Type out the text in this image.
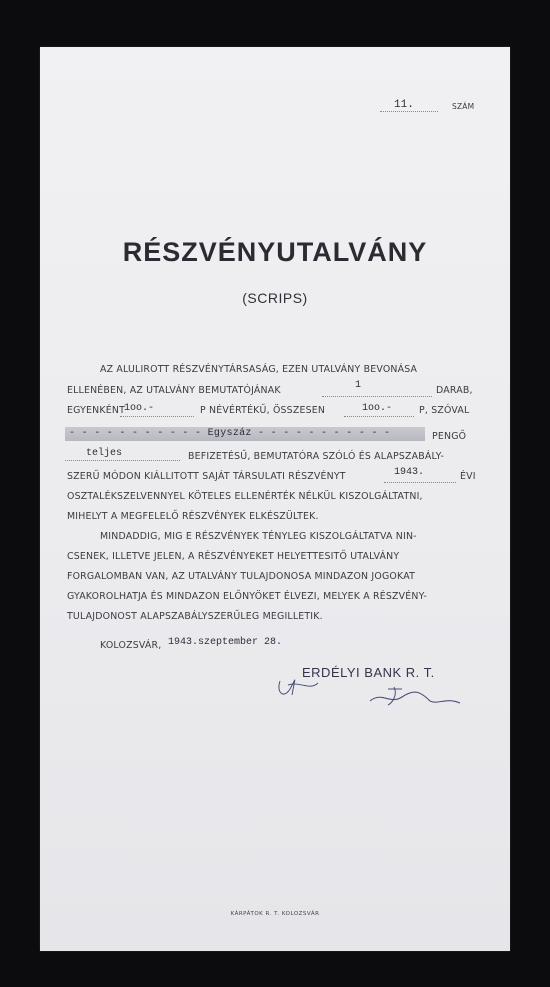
11.	SZÁM
RÉSZVÉNYUTALVÁNY
(SCRIPS)
AZ ALULIROTT RÉSZVÉNYTÁRSASÁG, EZEN UTALVÁNY BEVONÁSA
ELLENÉBEN, AZ UTALVÁNY BEMUTATÓJÁNAK	1	DARAB,
EGYENKÉNT 1oo.-	P NÉVÉRTÉKŰ, ÖSSZESEN	1oo.-	P, SZÓVAL
- - - - - - - - - - - Egyszáz - - - - - - - - - - -	PENGŐ
teljes	BEFIZETÉSŰ, BEMUTATÓRA SZÓLÓ ÉS ALAPSZABÁLY-
SZERŰ MÓDON KIÁLLITOTT SAJÁT TÁRSULATI RÉSZVÉNYT	1943.	ÉVI
OSZTALÉKSZELVENNYEL KÖTELES ELLENÉRTÉK NÉLKÜL KISZOLGÁLTATNI,
MIHELYT A MEGFELELŐ RÉSZVÉNYEK ELKÉSZÜLTEK.
MINDADDIG, MIG E RÉSZVÉNYEK TÉNYLEG KISZOLGÁLTATVA NIN-
CSENEK, ILLETVE JELEN, A RÉSZVÉNYEKET HELYETTESITŐ UTALVÁNY
FORGALOMBAN VAN, AZ UTALVÁNY TULAJDONOSA MINDAZON JOGOKAT
GYAKOROLHATJA ÉS MINDAZON ELŐNYÖKET ÉLVEZI, MELYEK A RÉSZVÉNY-
TULAJDONOST ALAPSZABÁLYSZERŰLEG MEGILLETIK.
KOLOZSVÁR, 1943.szeptember 28.
ERDÉLYI BANK R. T.
KÁRPÁTOK R. T. KOLOZSVÁR
